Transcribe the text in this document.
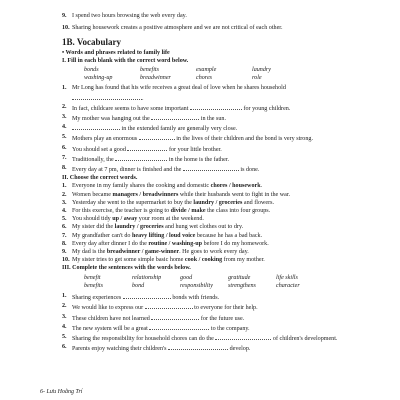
9. I spend two hours browsing the web every day.
10. Sharing housework creates a positive atmosphere and we are not critical of each other.
1B. Vocabulary
• Words and phrases related to family life
I. Fill in each blank with the correct word below.
bonds	benefits	example	laundry
washing-up	breadwinner	chores	role
1. Mr Long has found that his wife receives a great deal of love when he shares household
.
2. In fact, childcare seems to have some important	for young children.
3. My mother was hanging out the	in the sun.
4.	in the extended family are generally very close.
5. Mothers play an enormous	in the lives of their children and the bond is very strong.
6. You should set a good	for your little brother.
7. Traditionally, the	in the home is the father.
8. Every day at 7 pm, dinner is finished and the	is done.
II. Choose the correct words.
1. Everyone in my family shares the cooking and domestic chores / housework.
2. Women became managers / breadwinners while their husbands went to fight in the war.
3. Yesterday she went to the supermarket to buy the laundry / groceries and flowers.
4. For this exercise, the teacher is going to divide / make the class into four groups.
5. You should tidy up / away your room at the weekend.
6. My sister did the laundry / groceries and hung wet clothes out to dry.
7. My grandfather can't do heavy lifting / loud voice because he has a bad back.
8. Every day after dinner I do the routine / washing-up before I do my homework.
9. My dad is the breadwinner / game-winner. He goes to work every day.
10. My sister tries to get some simple basic home cook / cooking from my mother.
III. Complete the sentences with the words below.
benefit	relationship	good	gratitude	life skills
benefits	bond	responsibility	strengthens	character
1. Sharing experiences	bonds with friends.
2. We would like to express our	to everyone for their help.
3. These children have not learned	for the future use.
4. The new system will be a great	to the company.
5. Sharing the responsibility for household chores can do the	of children's development.
6. Parents enjoy watching their children's	develop.
6- Lưu Hoằng Trí
